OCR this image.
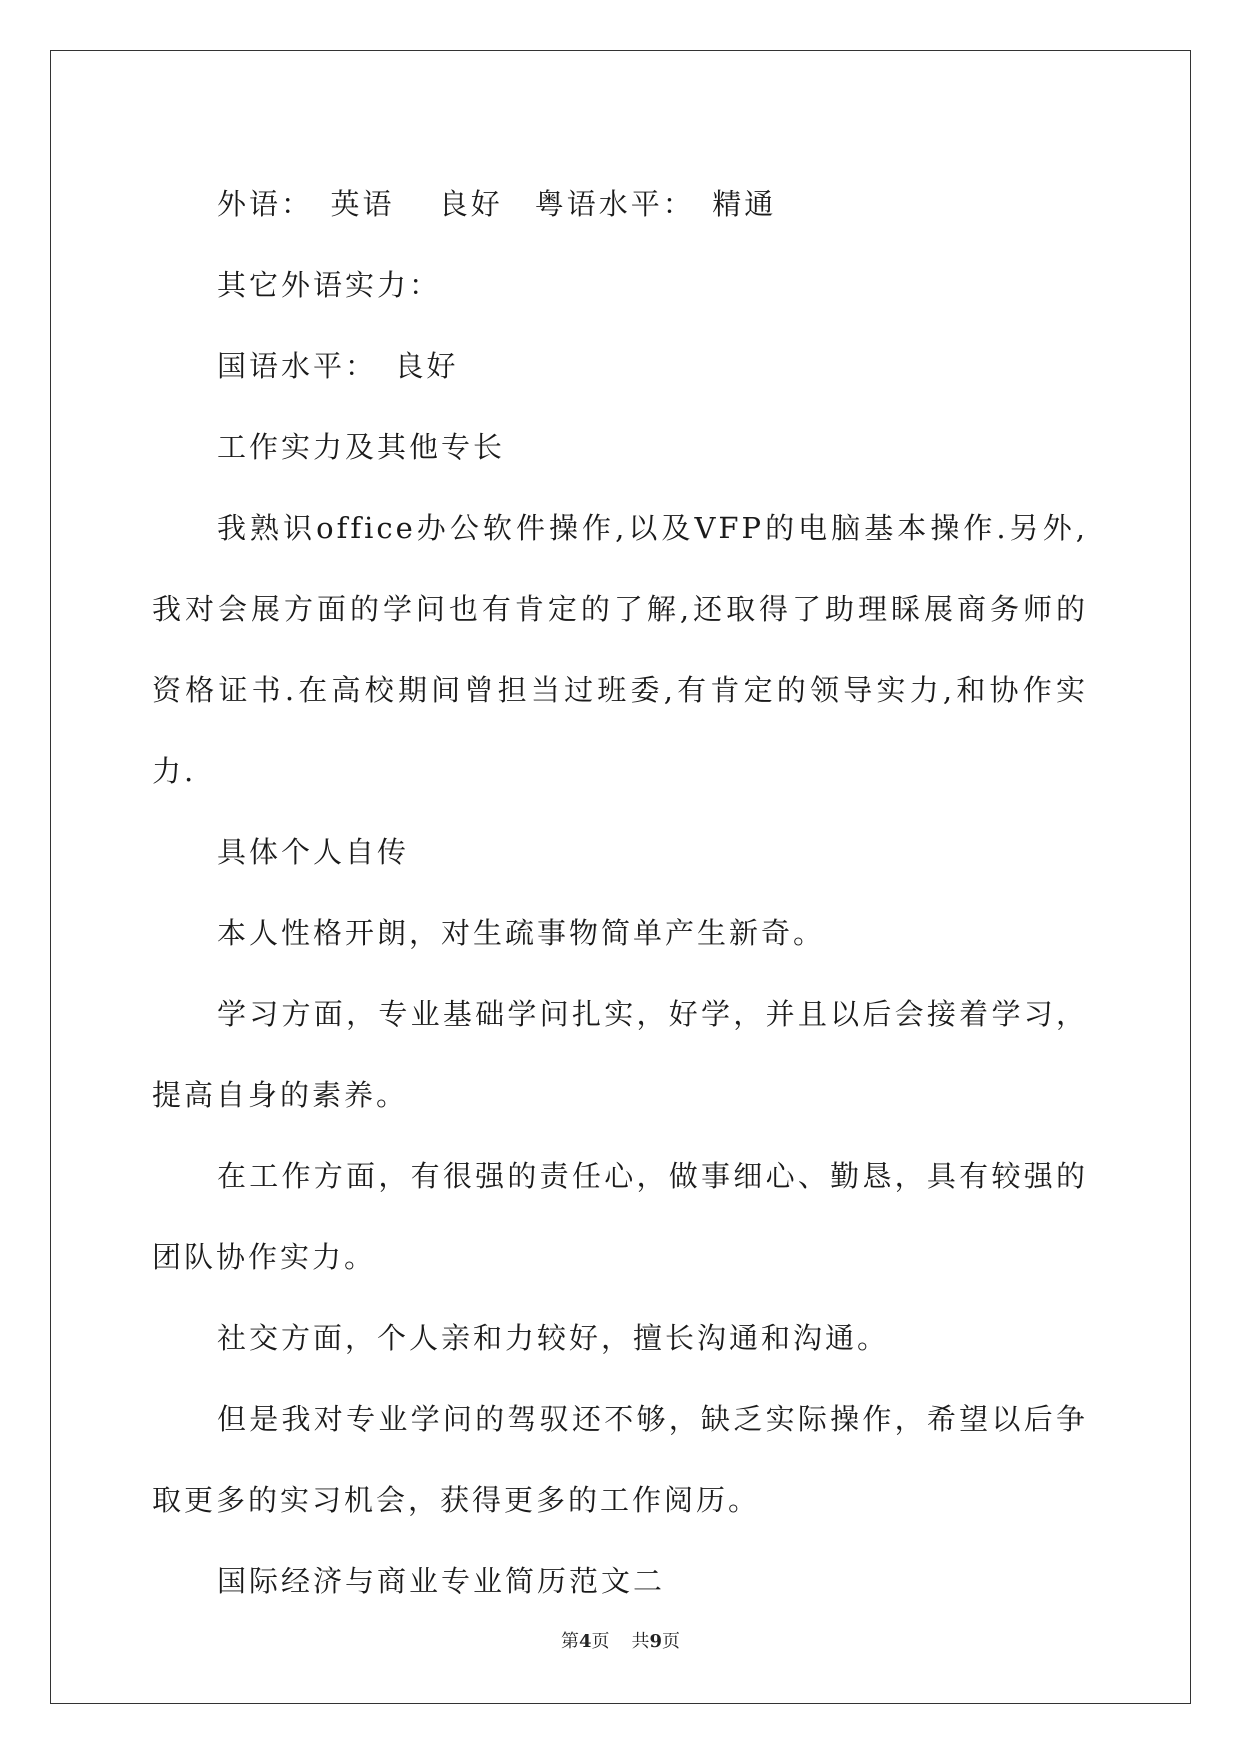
外语：　英语　 良好　粤语水平：　精通

其它外语实力：

国语水平：　良好

工作实力及其他专长

我熟识office办公软件操作,以及VFP的电脑基本操作.另外,我对会展方面的学问也有肯定的了解,还取得了助理睬展商务师的资格证书.在高校期间曾担当过班委,有肯定的领导实力,和协作实力.

具体个人自传

本人性格开朗，对生疏事物简单产生新奇。

学习方面，专业基础学问扎实，好学，并且以后会接着学习，提高自身的素养。

在工作方面，有很强的责任心，做事细心、勤恳，具有较强的团队协作实力。

社交方面，个人亲和力较好，擅长沟通和沟通。

但是我对专业学问的驾驭还不够，缺乏实际操作，希望以后争取更多的实习机会，获得更多的工作阅历。

国际经济与商业专业简历范文二

第4页 共9页
